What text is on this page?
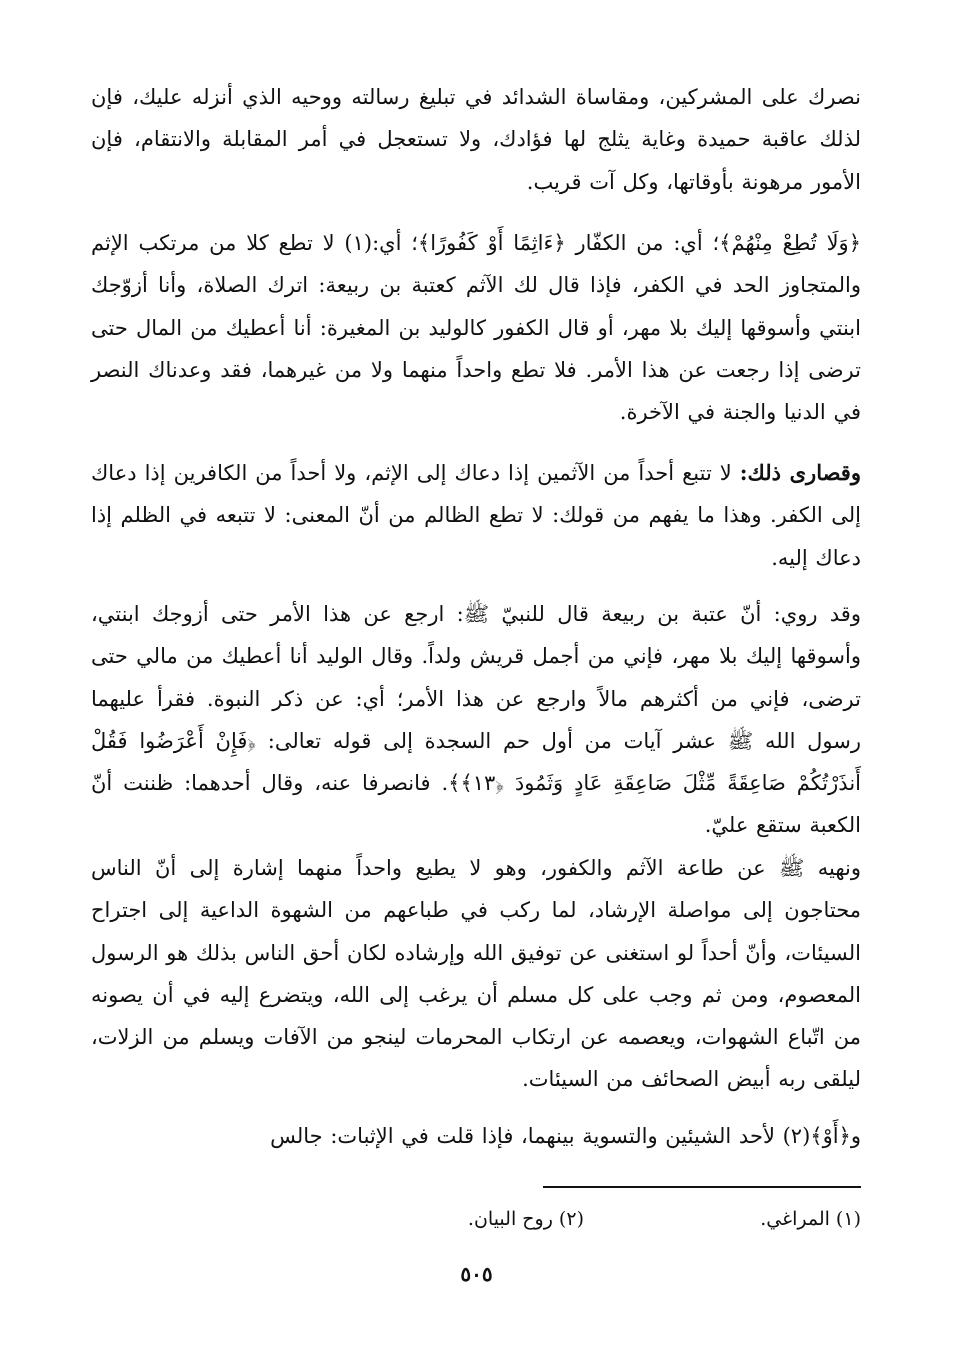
نصرك على المشركين، ومقاساة الشدائد في تبليغ رسالته ووحيه الذي أنزله عليك، فإن لذلك عاقبة حميدة وغاية يثلج لها فؤادك، ولا تستعجل في أمر المقابلة والانتقام، فإن الأمور مرهونة بأوقاتها، وكل آت قريب.

﴿وَلَا تُطِعْ مِنْهُمْ﴾؛ أي: من الكفّار ﴿ءَاثِمًا أَوْ كَفُورًا﴾؛ أي:(١) لا تطع كلا من مرتكب الإثم والمتجاوز الحد في الكفر، فإذا قال لك الآثم كعتبة بن ربيعة: اترك الصلاة، وأنا أزوّجك ابنتي وأسوقها إليك بلا مهر، أو قال الكفور كالوليد بن المغيرة: أنا أعطيك من المال حتى ترضى إذا رجعت عن هذا الأمر. فلا تطع واحداً منهما ولا من غيرهما، فقد وعدناك النصر في الدنيا والجنة في الآخرة.

وقصارى ذلك: لا تتبع أحداً من الآثمين إذا دعاك إلى الإثم، ولا أحداً من الكافرين إذا دعاك إلى الكفر. وهذا ما يفهم من قولك: لا تطع الظالم من أنّ المعنى: لا تتبعه في الظلم إذا دعاك إليه.

وقد روي: أنّ عتبة بن ربيعة قال للنبيّ ﷺ: ارجع عن هذا الأمر حتى أزوجك ابنتي، وأسوقها إليك بلا مهر، فإني من أجمل قريش ولداً. وقال الوليد أنا أعطيك من مالي حتى ترضى، فإني من أكثرهم مالاً وارجع عن هذا الأمر؛ أي: عن ذكر النبوة. فقرأ عليهما رسول الله ﷺ عشر آيات من أول حم السجدة إلى قوله تعالى: ﴿فَإِنْ أَعْرَضُوا فَقُلْ أَنذَرْتُكُمْ صَاعِقَةً مِّثْلَ صَاعِقَةِ عَادٍ وَثَمُودَ ﴿١٣﴾﴾. فانصرفا عنه، وقال أحدهما: ظننت أنّ الكعبة ستقع عليّ.

ونهيه ﷺ عن طاعة الآثم والكفور، وهو لا يطيع واحداً منهما إشارة إلى أنّ الناس محتاجون إلى مواصلة الإرشاد، لما ركب في طباعهم من الشهوة الداعية إلى اجتراح السيئات، وأنّ أحداً لو استغنى عن توفيق الله وإرشاده لكان أحق الناس بذلك هو الرسول المعصوم، ومن ثم وجب على كل مسلم أن يرغب إلى الله، ويتضرع إليه في أن يصونه من اتّباع الشهوات، ويعصمه عن ارتكاب المحرمات لينجو من الآفات ويسلم من الزلات، ليلقى ربه أبيض الصحائف من السيئات.

و﴿أَوْ﴾(٢) لأحد الشيئين والتسوية بينهما، فإذا قلت في الإثبات: جالس

(١) المراغي.
(٢) روح البيان.
٥٠٥
